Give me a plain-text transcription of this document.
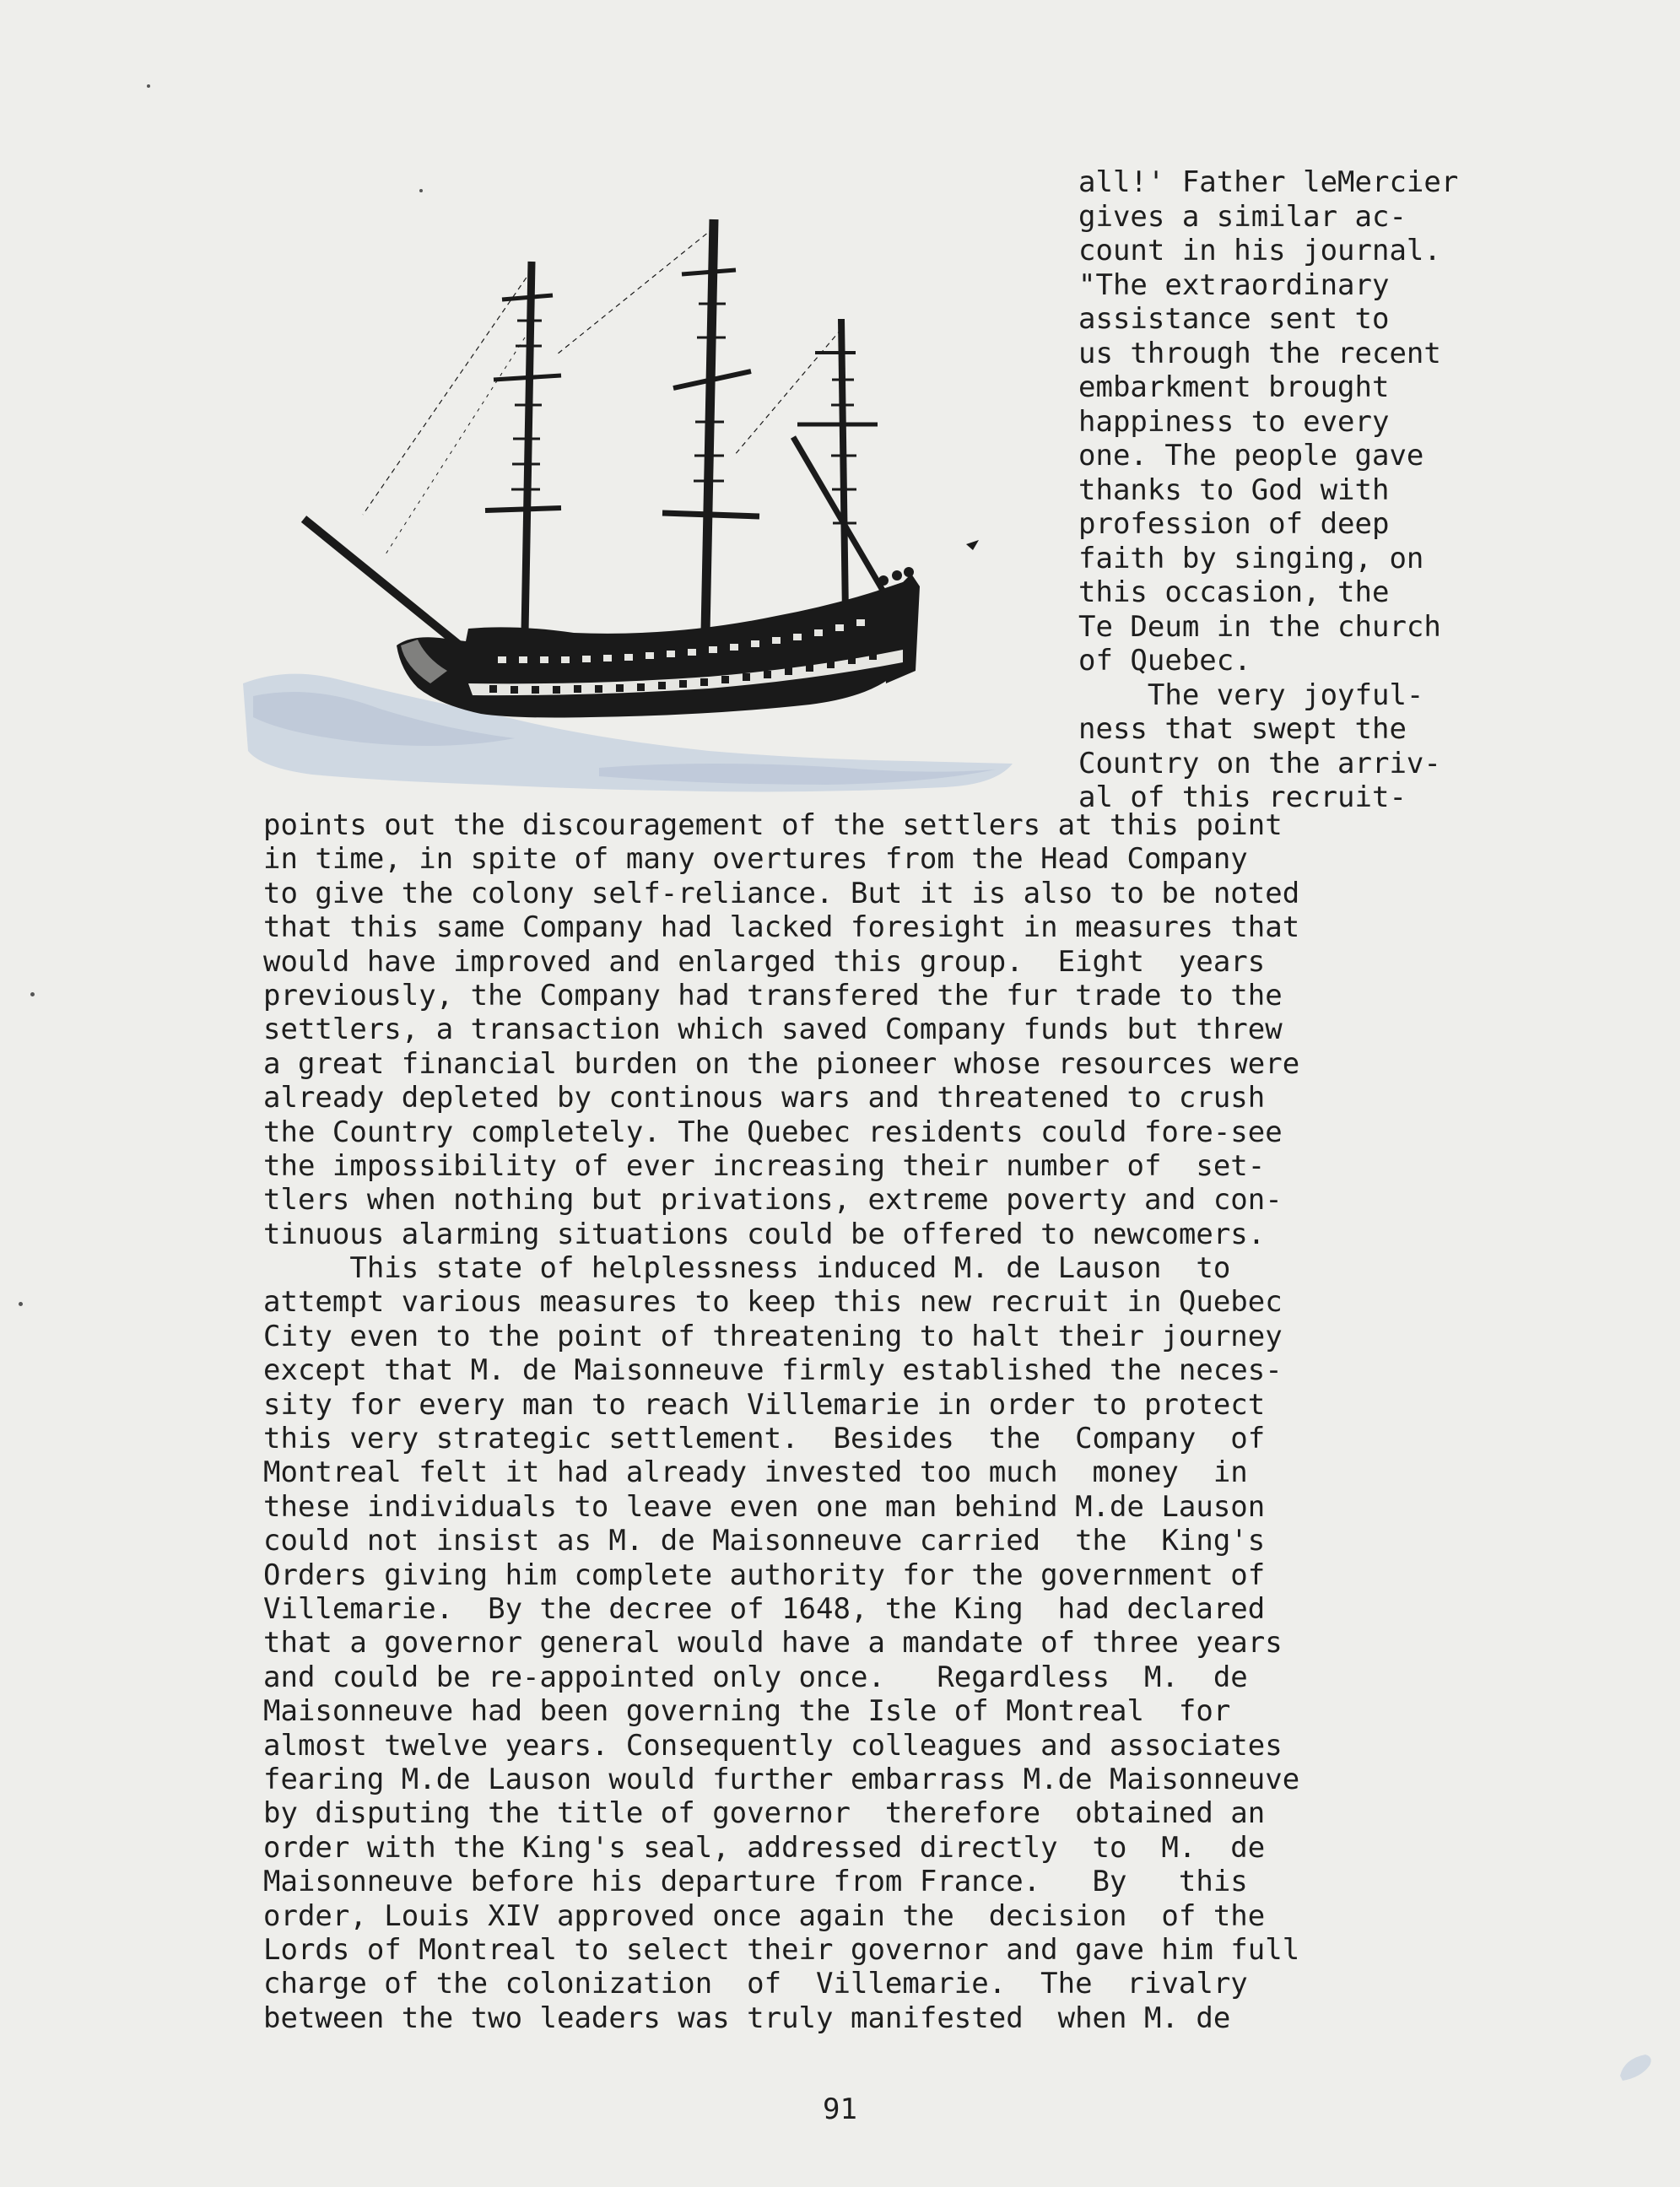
all!' Father leMercier
gives a similar ac-
count in his journal.
"The extraordinary
assistance sent to
us through the recent
embarkment brought
happiness to every
one. The people gave
thanks to God with
profession of deep
faith by singing, on
this occasion, the
Te Deum in the church
of Quebec.
The very joyful-
ness that swept the
Country on the arriv-
al of this recruit-
points out the discouragement of the settlers at this point
in time, in spite of many overtures from the Head Company
to give the colony self-reliance. But it is also to be noted
that this same Company had lacked foresight in measures that
would have improved and enlarged this group.  Eight  years
previously, the Company had transfered the fur trade to the
settlers, a transaction which saved Company funds but threw
a great financial burden on the pioneer whose resources were
already depleted by continous wars and threatened to crush
the Country completely. The Quebec residents could fore-see
the impossibility of ever increasing their number of  set-
tlers when nothing but privations, extreme poverty and con-
tinuous alarming situations could be offered to newcomers.
This state of helplessness induced M. de Lauson  to
attempt various measures to keep this new recruit in Quebec
City even to the point of threatening to halt their journey
except that M. de Maisonneuve firmly established the neces-
sity for every man to reach Villemarie in order to protect
this very strategic settlement.  Besides  the  Company  of
Montreal felt it had already invested too much  money  in
these individuals to leave even one man behind M.de Lauson
could not insist as M. de Maisonneuve carried  the  King's
Orders giving him complete authority for the government of
Villemarie.  By the decree of 1648, the King  had declared
that a governor general would have a mandate of three years
and could be re-appointed only once.   Regardless  M.  de
Maisonneuve had been governing the Isle of Montreal  for
almost twelve years. Consequently colleagues and associates
fearing M.de Lauson would further embarrass M.de Maisonneuve
by disputing the title of governor  therefore  obtained an
order with the King's seal, addressed directly  to  M.  de
Maisonneuve before his departure from France.   By   this
order, Louis XIV approved once again the  decision  of the
Lords of Montreal to select their governor and gave him full
charge of the colonization  of  Villemarie.  The  rivalry
between the two leaders was truly manifested  when M. de
91
